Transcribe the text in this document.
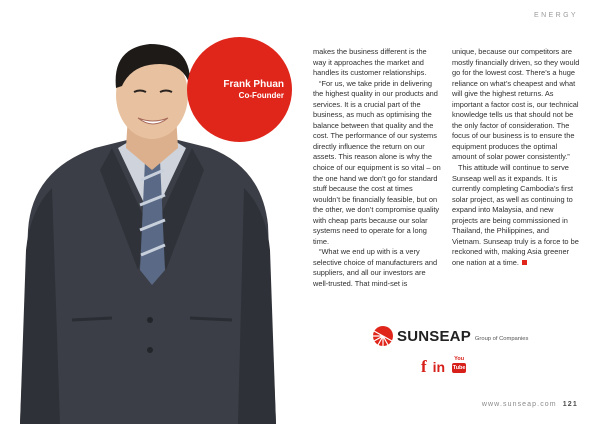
ENERGY
Frank Phuan
Co-Founder

makes the business different is the way it approaches the market and handles its customer relationships.

“For us, we take pride in delivering the highest quality in our products and services. It is a crucial part of the business, as much as optimising the balance between that quality and the cost. The performance of our systems directly influence the return on our assets. This reason alone is why the choice of our equipment is so vital – on the one hand we don’t go for standard stuff because the cost at times wouldn’t be financially feasible, but on the other, we don’t compromise quality with cheap parts because our solar systems need to operate for a long time.

“What we end up with is a very selective choice of manufacturers and suppliers, and all our investors are well-trusted. That mind-set is

unique, because our competitors are mostly financially driven, so they would go for the lowest cost. There’s a huge reliance on what’s cheapest and what will give the highest returns. As important a factor cost is, our technical knowledge tells us that should not be the only factor of consideration. The focus of our business is to ensure the equipment produces the optimal amount of solar power consistently.”

This attitude will continue to serve Sunseap well as it expands. It is currently completing Cambodia’s first solar project, as well as continuing to expand into Malaysia, and new projects are being commissioned in Thailand, the Philippines, and Vietnam. Sunseap truly is a force to be reckoned with, making Asia greener one nation at a time.

SUNSEAP Group of Companies
f in You
Tube
www.sunseap.com 121
